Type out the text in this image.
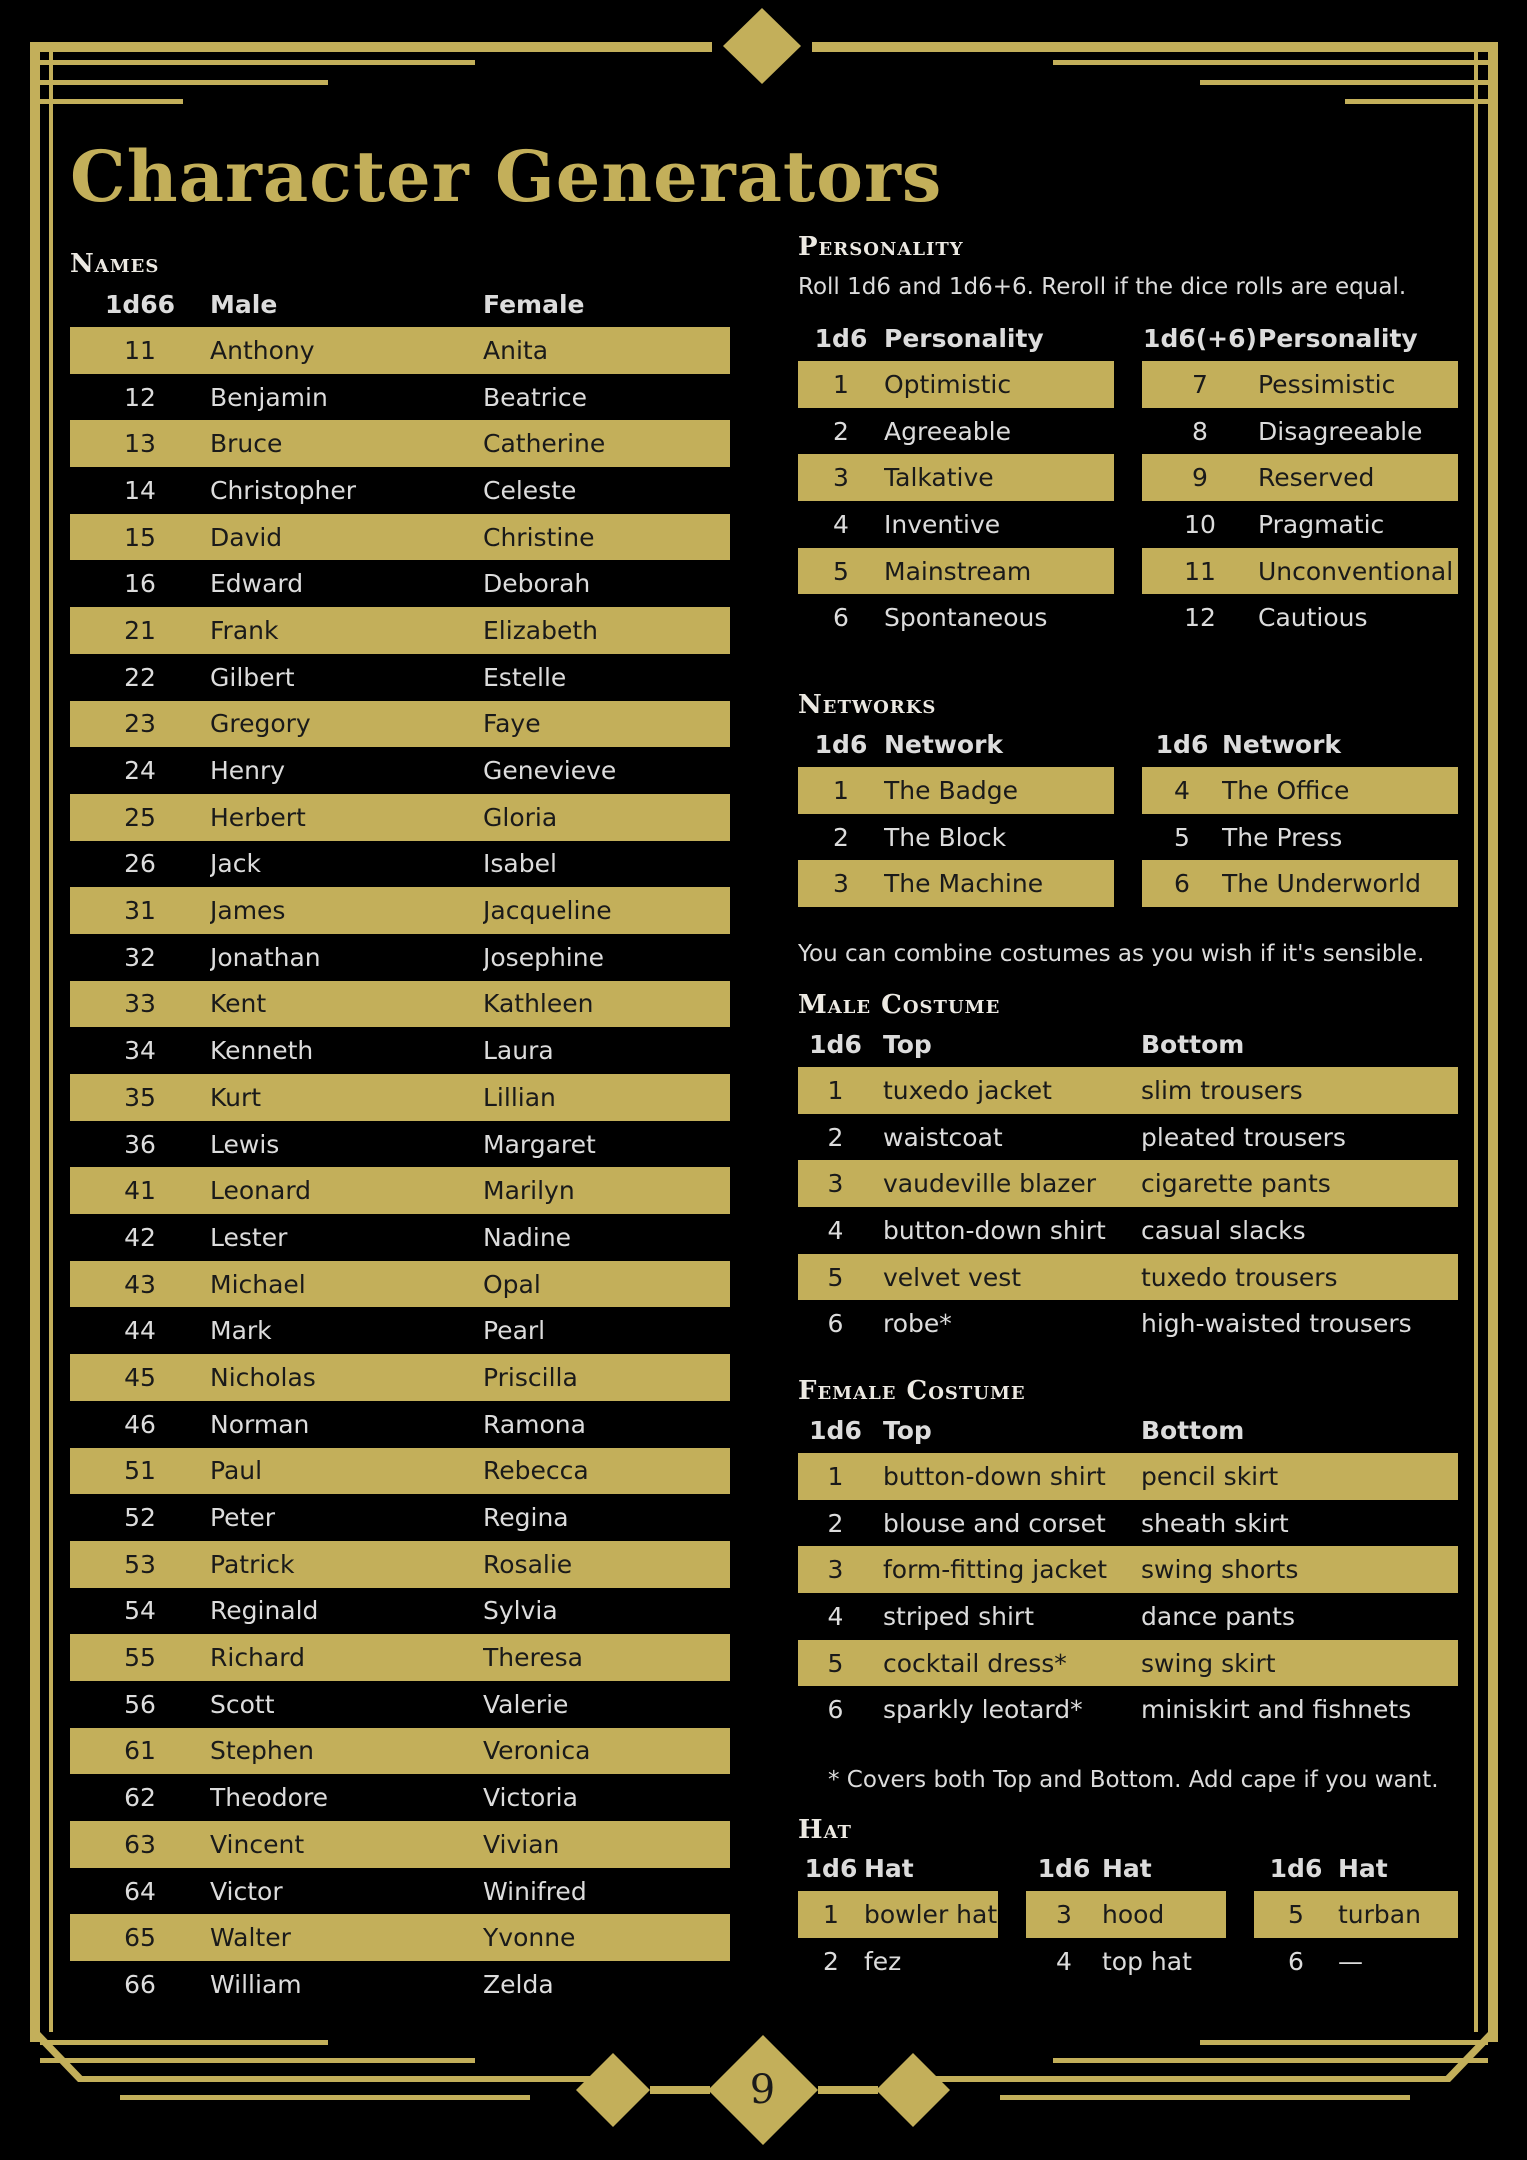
9
Character Generators
Names
1d66	Male	Female
11	Anthony	Anita
12	Benjamin	Beatrice
13	Bruce	Catherine
14	Christopher	Celeste
15	David	Christine
16	Edward	Deborah
21	Frank	Elizabeth
22	Gilbert	Estelle
23	Gregory	Faye
24	Henry	Genevieve
25	Herbert	Gloria
26	Jack	Isabel
31	James	Jacqueline
32	Jonathan	Josephine
33	Kent	Kathleen
34	Kenneth	Laura
35	Kurt	Lillian
36	Lewis	Margaret
41	Leonard	Marilyn
42	Lester	Nadine
43	Michael	Opal
44	Mark	Pearl
45	Nicholas	Priscilla
46	Norman	Ramona
51	Paul	Rebecca
52	Peter	Regina
53	Patrick	Rosalie
54	Reginald	Sylvia
55	Richard	Theresa
56	Scott	Valerie
61	Stephen	Veronica
62	Theodore	Victoria
63	Vincent	Vivian
64	Victor	Winifred
65	Walter	Yvonne
66	William	Zelda
Personality

Roll 1d6 and 1d6+6. Reroll if the dice rolls are equal.

1d6	Personality		1d6(+6)	Personality
1	Optimistic		7	Pessimistic
2	Agreeable		8	Disagreeable
3	Talkative		9	Reserved
4	Inventive		10	Pragmatic
5	Mainstream		11	Unconventional
6	Spontaneous		12	Cautious
Networks
1d6	Network		1d6	Network
1	The Badge		4	The Office
2	The Block		5	The Press
3	The Machine		6	The Underworld

You can combine costumes as you wish if it's sensible.

Male Costume
1d6	Top	Bottom
1	tuxedo jacket	slim trousers
2	waistcoat	pleated trousers
3	vaudeville blazer	cigarette pants
4	button-down shirt	casual slacks
5	velvet vest	tuxedo trousers
6	robe*	high-waisted trousers
Female Costume
1d6	Top	Bottom
1	button-down shirt	pencil skirt
2	blouse and corset	sheath skirt
3	form-fitting jacket	swing shorts
4	striped shirt	dance pants
5	cocktail dress*	swing skirt
6	sparkly leotard*	miniskirt and fishnets

* Covers both Top and Bottom. Add cape if you want.

Hat
1d6	Hat		1d6	Hat		1d6	Hat
1	bowler hat		3	hood		5	turban
2	fez		4	top hat		6	—
